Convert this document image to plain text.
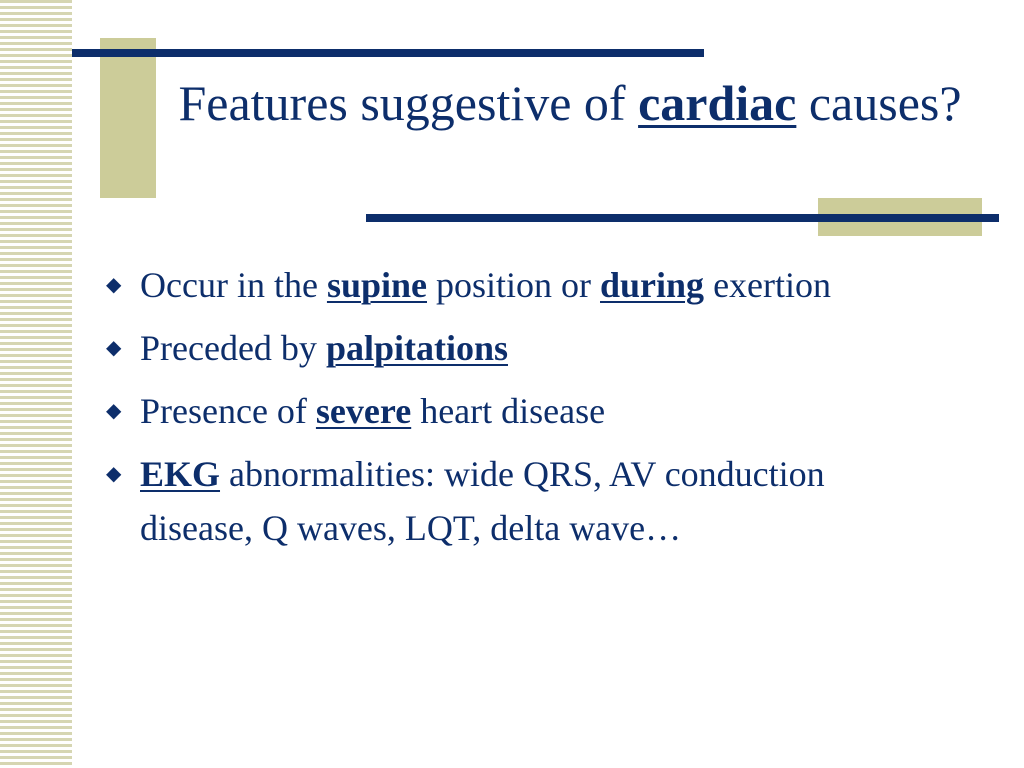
Features suggestive of cardiac causes?
◆ Occur in the supine position or during exertion
◆ Preceded by palpitations
◆ Presence of severe heart disease
◆ EKG abnormalities: wide QRS, AV conduction disease, Q waves, LQT, delta wave…
